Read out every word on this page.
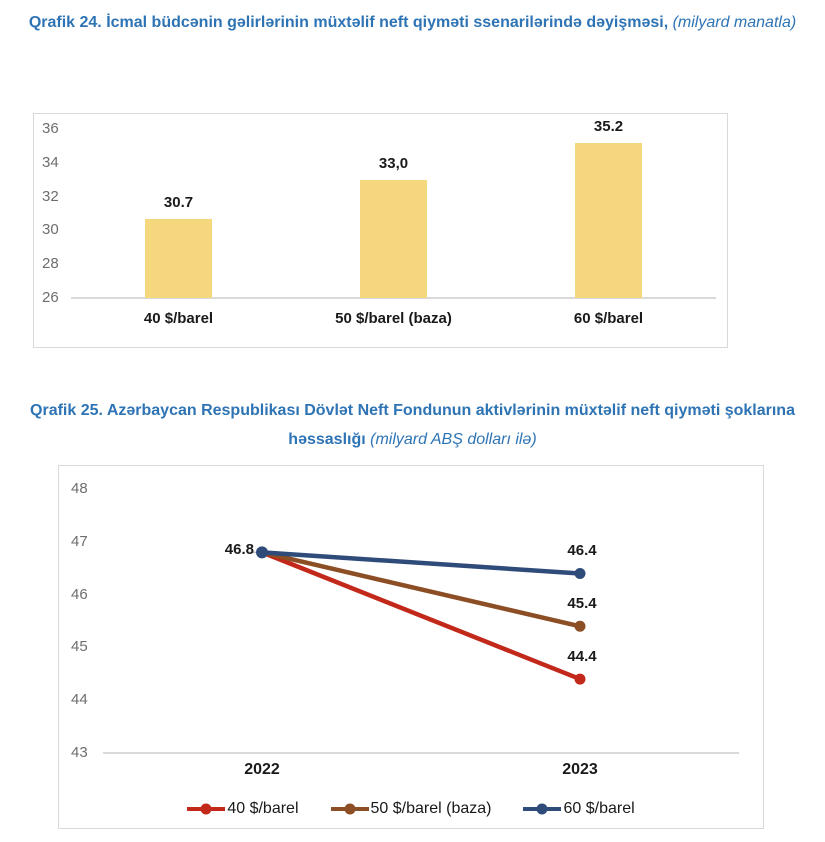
Qrafik 24. İcmal büdcənin gəlirlərinin müxtəlif neft qiyməti ssenarilərində dəyişməsi, (milyard manatla)
36
34
32
30
28
26
30.7
40 $/barel
33,0
50 $/barel (baza)
35.2
60 $/barel
Qrafik 25. Azərbaycan Respublikası Dövlət Neft Fondunun aktivlərinin müxtəlif neft qiyməti şoklarına həssaslığı (milyard ABŞ dolları ilə)
48
47
46
45
44
43
46.8
44.4
45.4
46.4
2022	2023
40 $/barel	50 $/barel (baza)	60 $/barel
